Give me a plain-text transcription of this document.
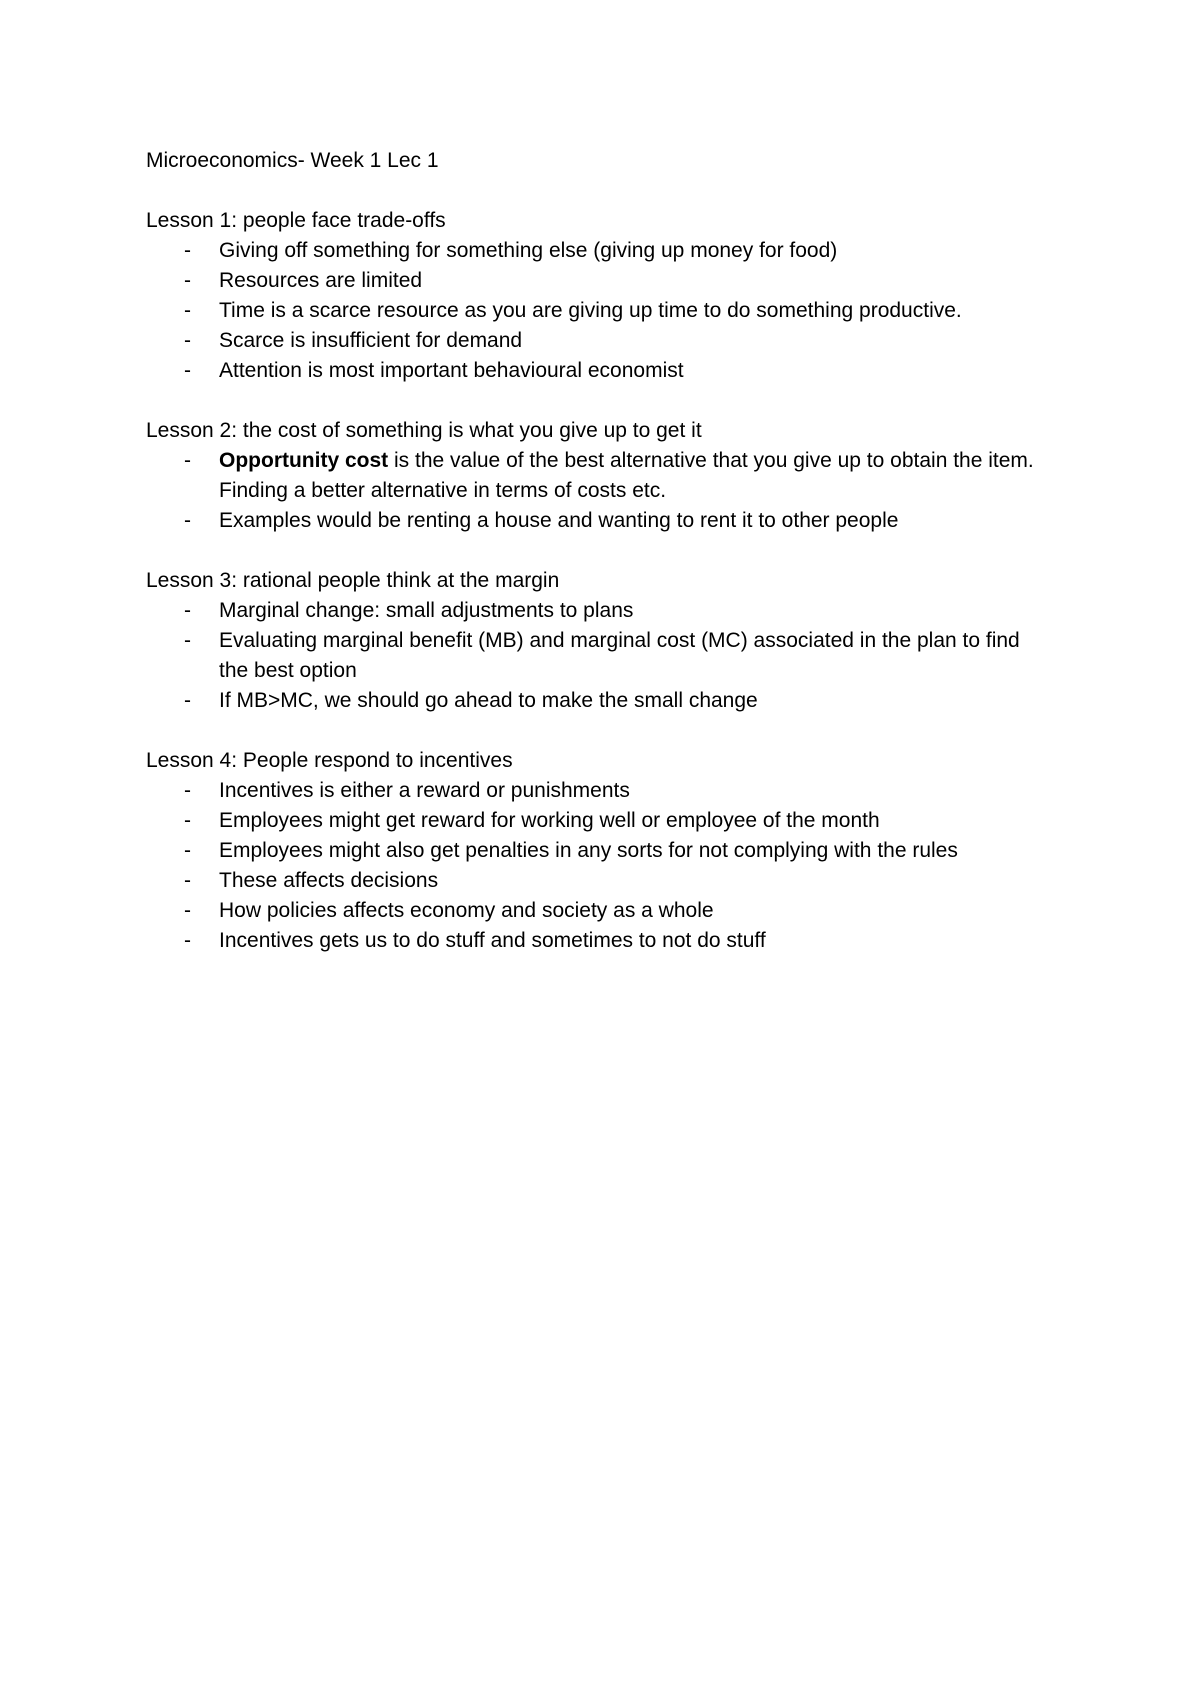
Microeconomics- Week 1 Lec 1
Lesson 1: people face trade-offs
- Giving off something for something else (giving up money for food)
- Resources are limited
- Time is a scarce resource as you are giving up time to do something productive.
- Scarce is insufficient for demand
- Attention is most important behavioural economist
Lesson 2: the cost of something is what you give up to get it
- Opportunity cost is the value of the best alternative that you give up to obtain the item. Finding a better alternative in terms of costs etc.
- Examples would be renting a house and wanting to rent it to other people
Lesson 3: rational people think at the margin
- Marginal change: small adjustments to plans
- Evaluating marginal benefit (MB) and marginal cost (MC) associated in the plan to find the best option
- If MB>MC, we should go ahead to make the small change
Lesson 4: People respond to incentives
- Incentives is either a reward or punishments
- Employees might get reward for working well or employee of the month
- Employees might also get penalties in any sorts for not complying with the rules
- These affects decisions
- How policies affects economy and society as a whole
- Incentives gets us to do stuff and sometimes to not do stuff
